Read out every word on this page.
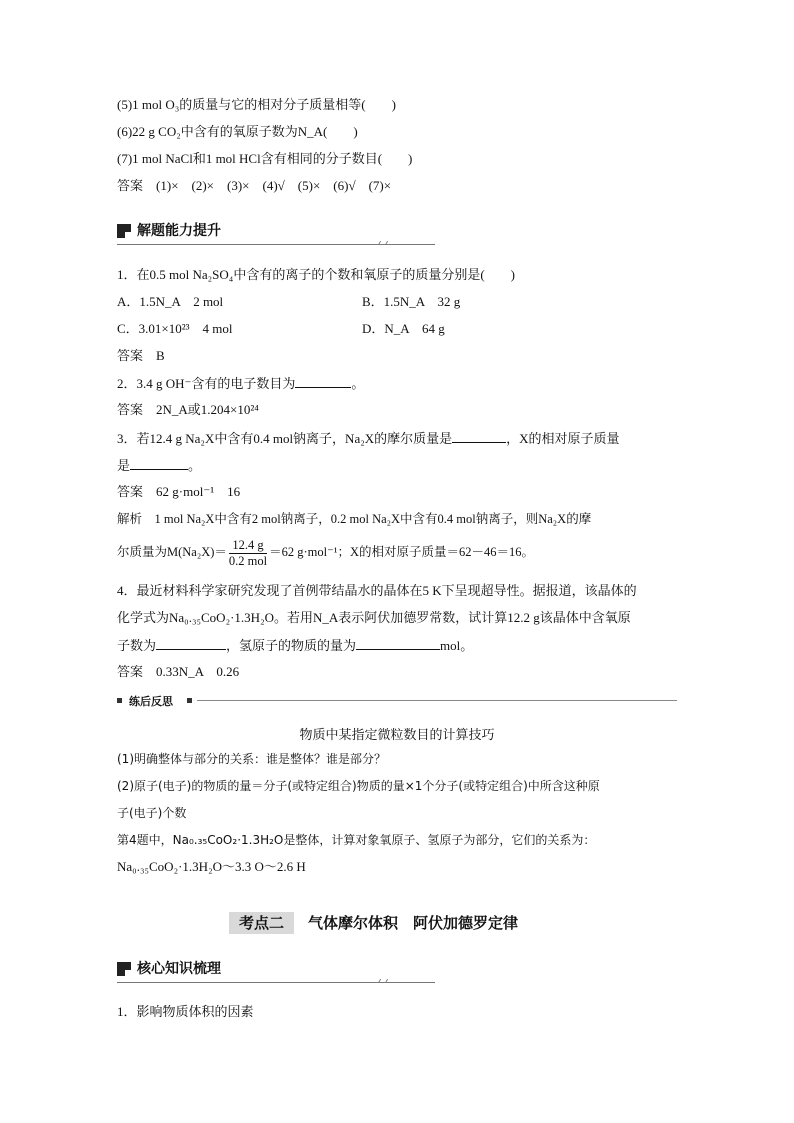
(5)1 mol O₃的质量与它的相对分子质量相等(　　)
(6)22 g CO₂中含有的氧原子数为N_A(　　)
(7)1 mol NaCl和1 mol HCl含有相同的分子数目(　　)
答案　 (1)×　(2)×　(3)×　(4)√　(5)×　(6)√　(7)×
解题能力提升
1．在0.5 mol Na₂SO₄中含有的离子的个数和氧原子的质量分别是(　　)
A．1.5N_A　2 mol	B．1.5N_A　32 g
C．3.01×10²³　4 mol	D．N_A　64 g
答案　 B
2．3.4 g OH⁻含有的电子数目为	。
答案　 2N_A或1.204×10²⁴
3．若12.4 g Na₂X中含有0.4 mol钠离子，Na₂X的摩尔质量是	，X的相对原子质量
是	。
答案　 62 g·mol⁻¹　16
解析　 1 mol Na₂X中含有2 mol钠离子，0.2 mol Na₂X中含有0.4 mol钠离子，则Na₂X的摩
尔质量为$M(Na_2X)= \frac{12.4 g}{\text{0.2 mol}} =62$ g·mol⁻¹；X的相对原子质量＝62－46＝16。
4．最近材料科学家研究发现了首例带结晶水的晶体在5 K下呈现超导性。据报道，该晶体的
化学式为Na₀.₃₅CoO₂·1.3H₂O。若用N_A表示阿伏加德罗常数，试计算12.2 g该晶体中含氧原
子数为	，氢原子的物质的量为	mol。
答案　 0.33N_A　0.26
练后反思
物质中某指定微粒数目的计算技巧
(1)明确整体与部分的关系：谁是整体？谁是部分？
(2)原子(电子)的物质的量＝分子(或特定组合)物质的量×1个分子(或特定组合)中所含这种原
子(电子)个数
第4题中，Na₀.₃₅CoO₂·1.3H₂O是整体，计算对象氧原子、氢原子为部分，它们的关系为：
Na₀.₃₅CoO₂·1.3H₂O～3.3 O～2.6 H
考点二 气体摩尔体积　阿伏加德罗定律
核心知识梳理
1．影响物质体积的因素
